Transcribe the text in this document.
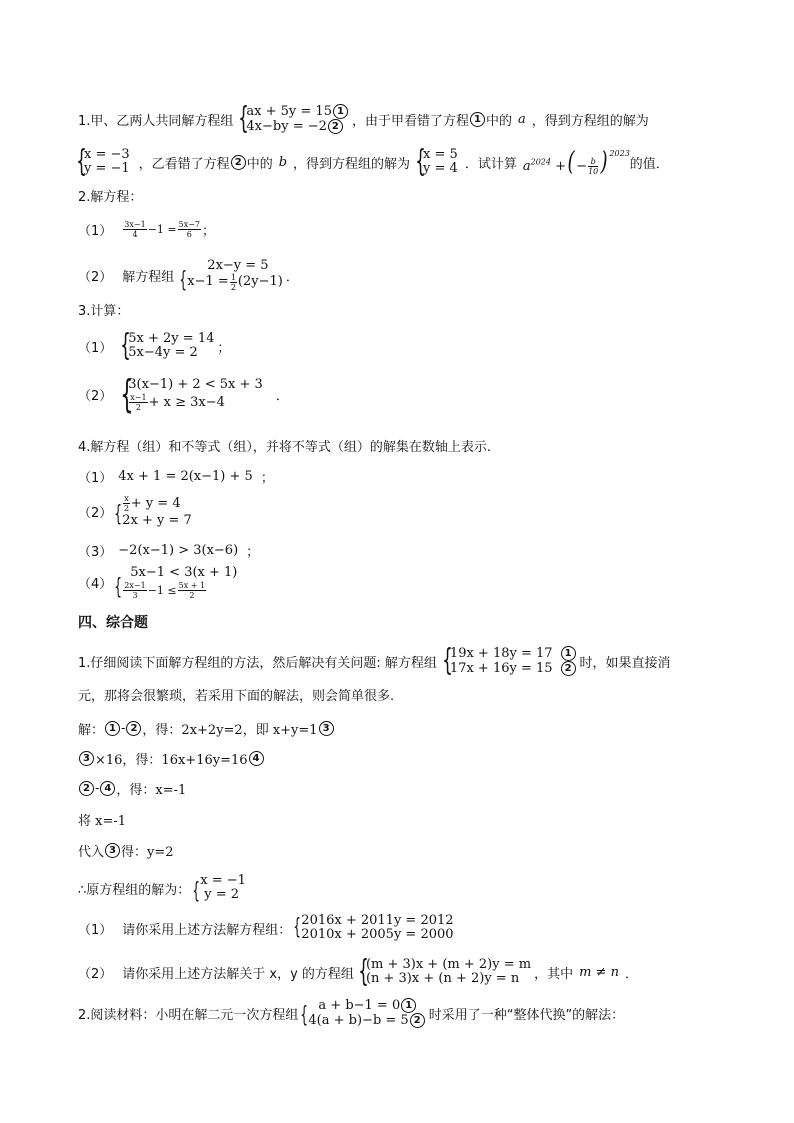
1.甲、乙两人共同解方程组 {
ax + 5y = 15 1
4x−by = −2 2	，由于甲看错了方程 1 中的 a ，得到方程组的解为
{
x = −3
y = −1 ，乙看错了方程 2 中的 b ，得到方程组的解为 {
x = 5
y = 4 ．试计算 $a^{2024}$ +( − $\frac{b}{10}$ ) $^{2023}$
的值．
2.解方程：
$(1) \frac{3x-1}{4} -1 = \frac{5x-7}{6}$ ；
（2） 解方程组 {
2x−y = 5
$x-1 = \frac{1}{2} (2y-1)$ ．
3.计算：
（1） {
5x + 2y = 14
5x−4y = 2	；
（2） {
3(x−1) + 2 < 5x + 3
$\frac{x-1}{2} + x \ge 3x-4$	．
4.解方程（组）和不等式（组），并将不等式（组）的解集在数轴上表示.
（1） 4x + 1 = 2(x−1) + 5 ；
（2） { $\frac{x}{2} + y = 4$
2x + y = 7
（3） −2(x−1) > 3(x−6) ；
（4） {
5x−1 < 3(x + 1)
$\frac{2x-1}{3} -1 \le \frac{5x + 1}{2}$
四、综合题
1.仔细阅读下面解方程组的方法，然后解决有关问题: 解方程组 {
19x + 18y = 17 1
17x + 16y = 15 2 时，如果直接消
元，那将会很繁琐，若采用下面的解法，则会简单很多.
解： 1 - 2 ，得：2x+2y=2，即 x+y=1 3
3 ×16，得：16x+16y=16 4
2 - 4 ，得：x=-1
将 x=-1
代入 3 得：y=2
∴原方程组的解为： { x = −1
y = 2
（1） 请你采用上述方法解方程组： { 2016x + 2011y = 2012
2010x + 2005y = 2000
（2） 请你采用上述方法解关于 x，y 的方程组 {
(m + 3)x + (m + 2)y = m
(n + 3)x + (n + 2)y = n	，其中 m ≠ n ．
2.阅读材料：小明在解二元一次方程组 { a + b−1 = 0 1
4(a + b)−b = 5 2 时采用了一种“整体代换”的解法：
